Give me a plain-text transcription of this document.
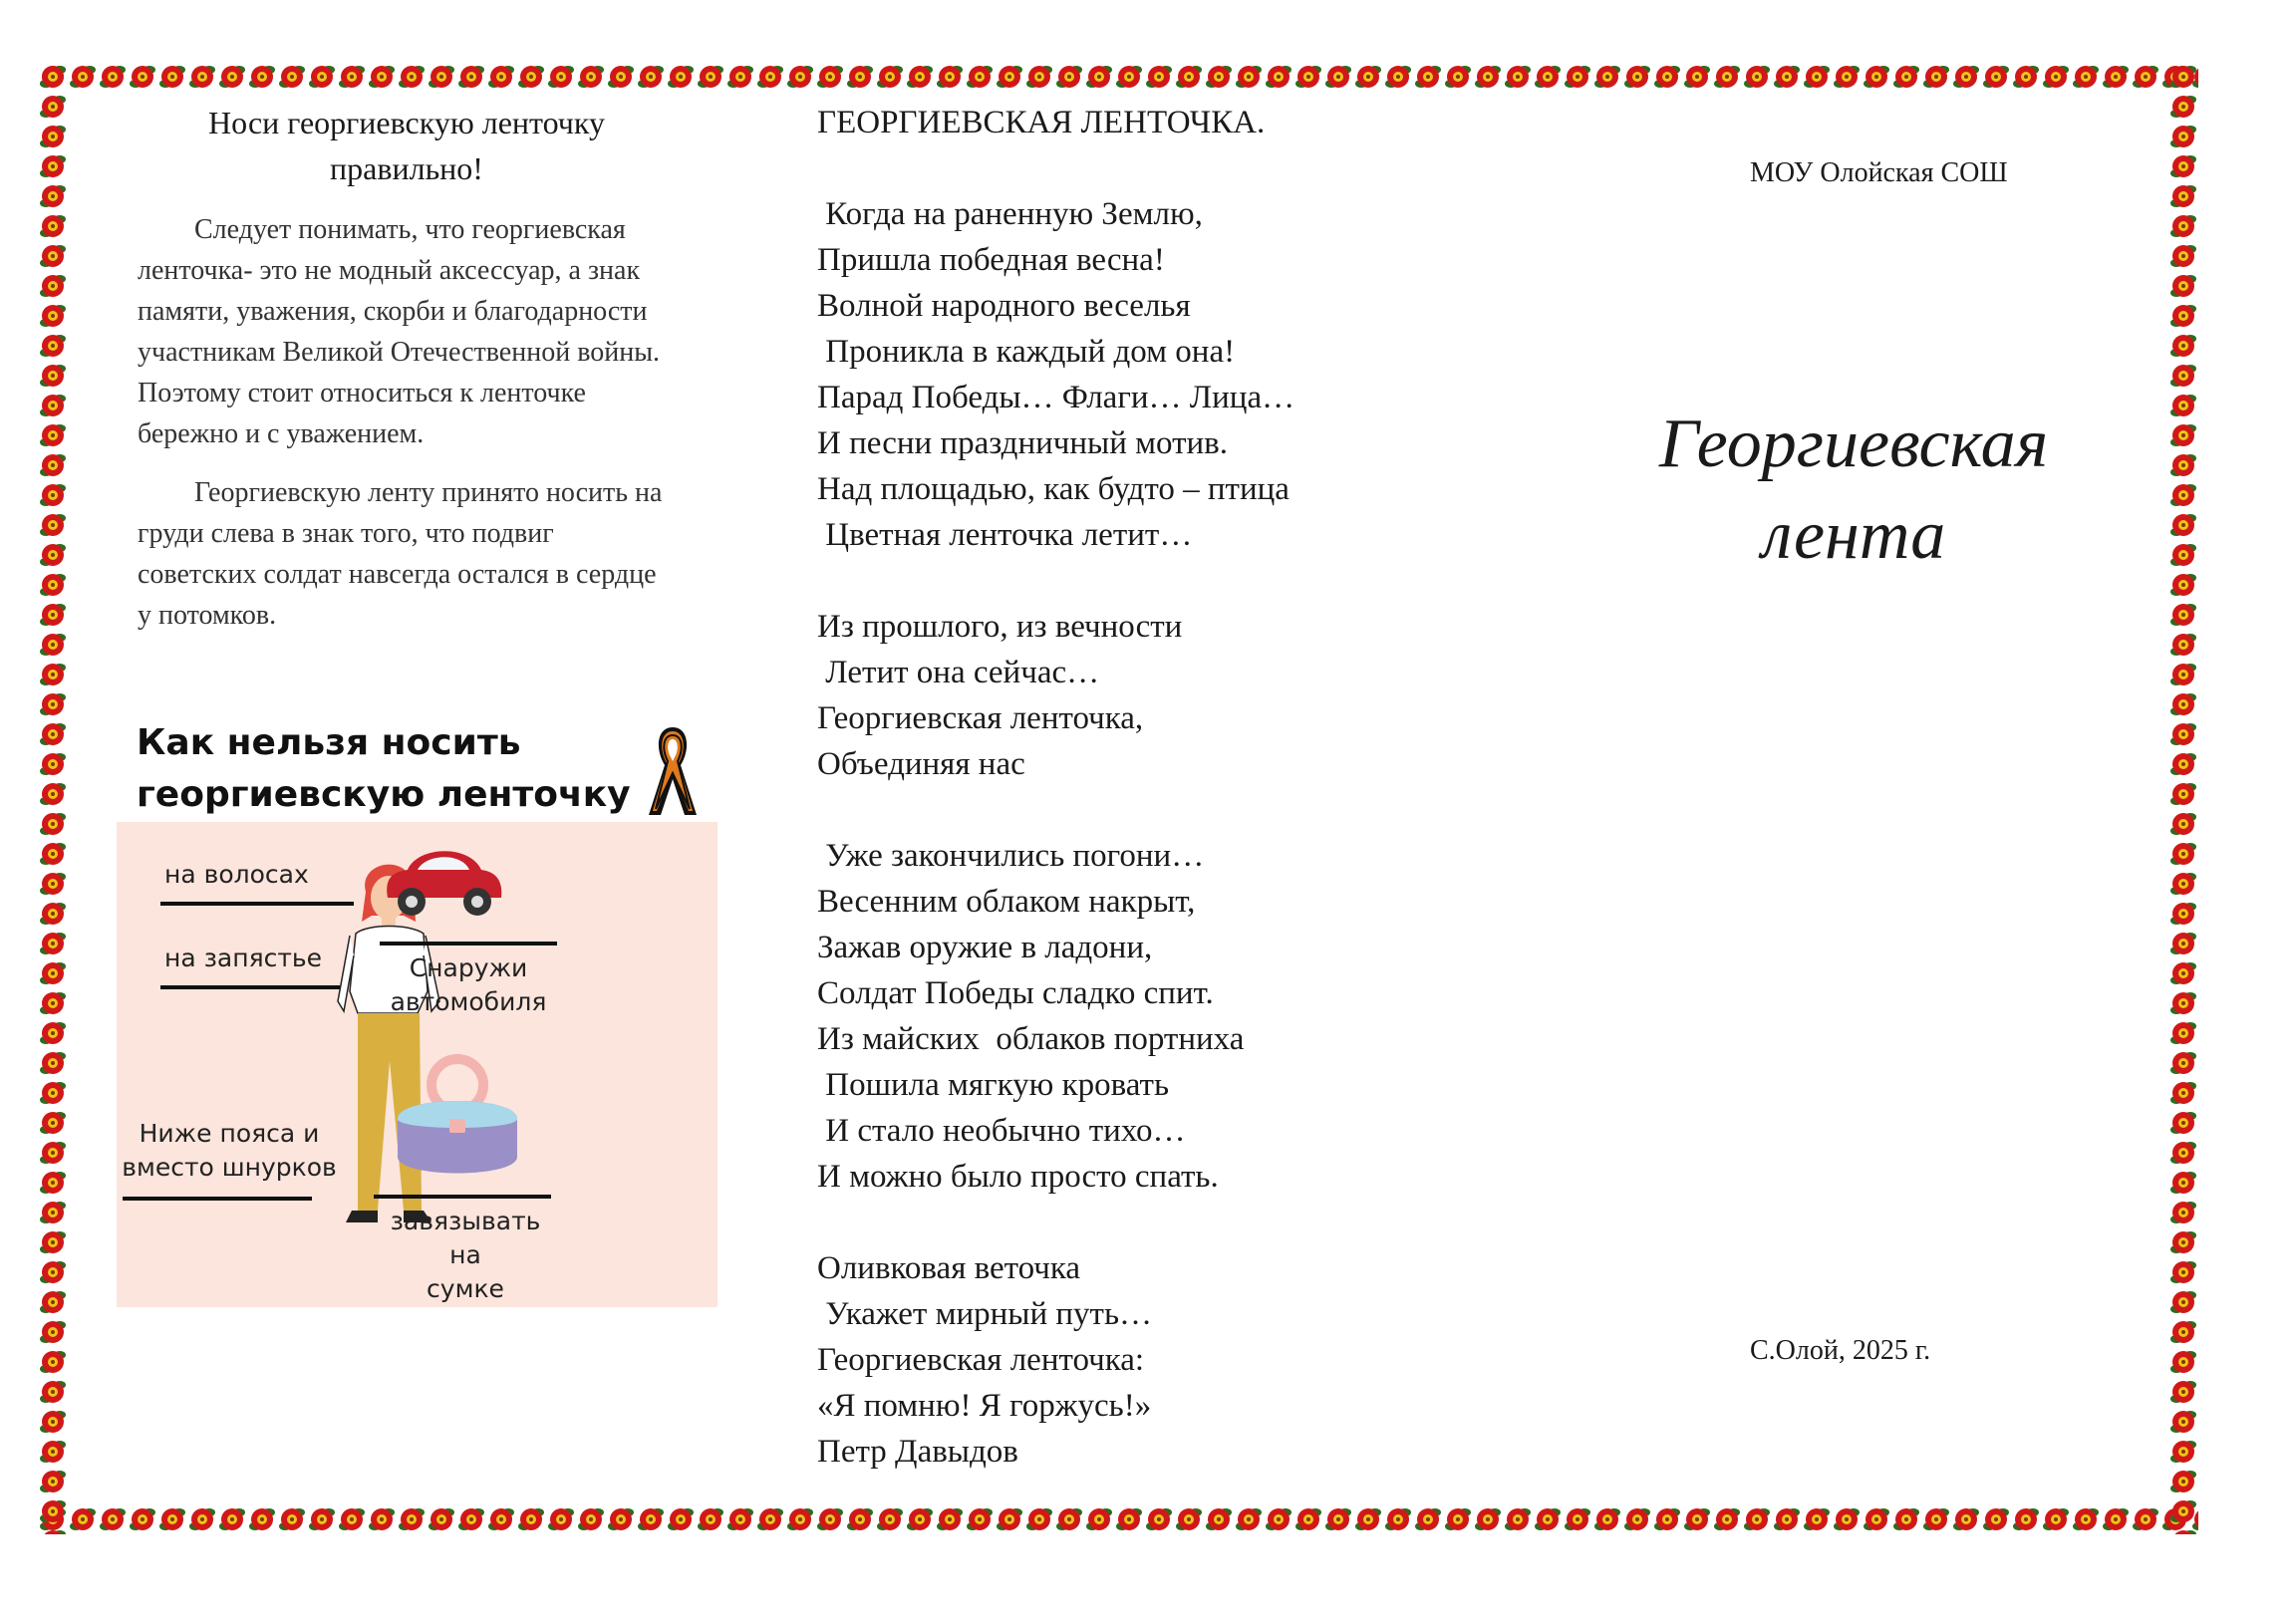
Носи георгиевскую ленточку правильно!

Следует понимать, что георгиевская ленточка- это не модный аксессуар, а знак памяти, уважения, скорби и благодарности участникам Великой Отечественной войны. Поэтому стоит относиться к ленточке бережно и с уважением.

Георгиевскую ленту принято носить на груди слева в знак того, что подвиг советских солдат навсегда остался в сердце у потомков.

Как нельзя носить
георгиевскую ленточку
на волосах
на запястье
Ниже пояса и
вместо шнурков
Снаружи
автомобиля
завязывать на
сумке

ГЕОРГИЕВСКАЯ ЛЕНТОЧКА.

Когда на раненную Землю,
Пришла победная весна!
Волной народного веселья
Проникла в каждый дом она!
Парад Победы… Флаги… Лица…
И песни праздничный мотив.
Над площадью, как будто – птица
Цветная ленточка летит…
Из прошлого, из вечности
Летит она сейчас…
Георгиевская ленточка,
Объединяя нас
Уже закончились погони…
Весенним облаком накрыт,
Зажав оружие в ладони,
Солдат Победы сладко спит.
Из майских  облаков портниха
Пошила мягкую кровать
И стало необычно тихо…
И можно было просто спать.
Оливковая веточка
Укажет мирный путь…
Георгиевская ленточка:
«Я помню! Я горжусь!»
Петр Давыдов
МОУ Олойская СОШ
Георгиевская
лента
С.Олой, 2025 г.
